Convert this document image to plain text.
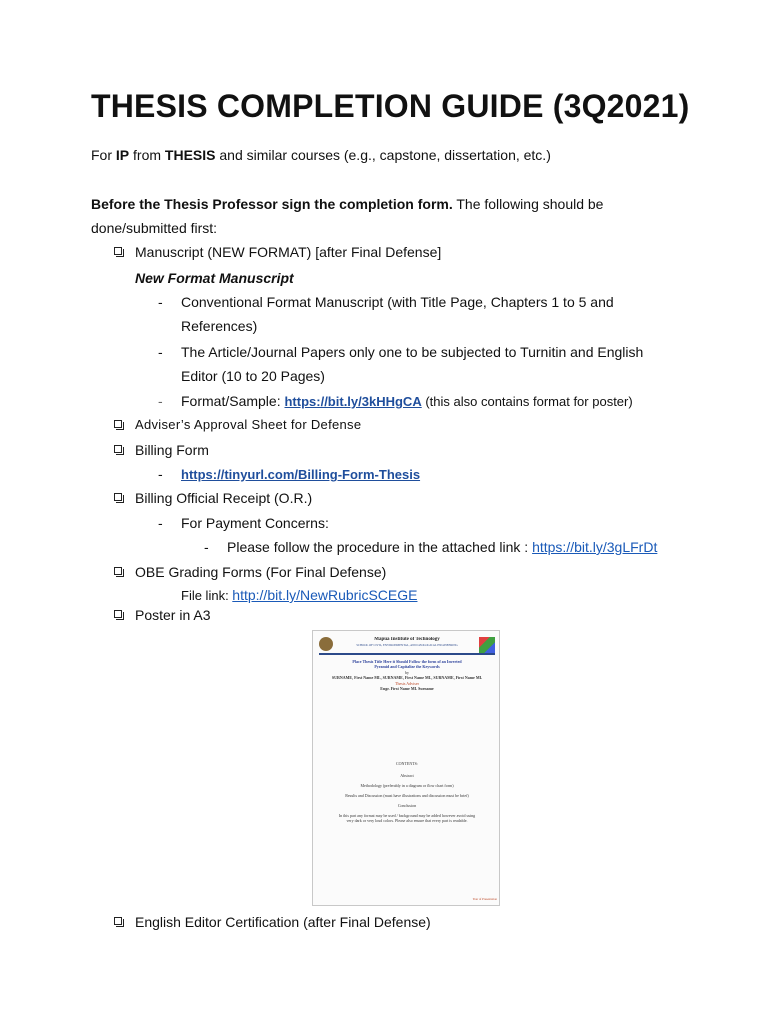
THESIS COMPLETION GUIDE (3Q2021)
For IP from THESIS and similar courses (e.g., capstone, dissertation, etc.)
Before the Thesis Professor sign the completion form. The following should be
done/submitted first:
Manuscript (NEW FORMAT) [after Final Defense]
New Format Manuscript
- Conventional Format Manuscript (with Title Page, Chapters 1 to 5 and
References)
- The Article/Journal Papers only one to be subjected to Turnitin and English
Editor (10 to 20 Pages)
- Format/Sample: https://bit.ly/3kHHgCA (this also contains format for poster)
Adviser’s Approval Sheet for Defense
Billing Form
- https://tinyurl.com/Billing-Form-Thesis
Billing Official Receipt (O.R.)
- For Payment Concerns:
- Please follow the procedure in the attached link : https://bit.ly/3gLFrDt
OBE Grading Forms (For Final Defense)
File link: http://bit.ly/NewRubricSCEGE
Poster in A3
Mapúa Institute of Technology
SCHOOL OF CIVIL, ENVIRONMENTAL, AND GEOLOGICAL ENGINEERING
Place Thesis Title Here it Should Follow the form of an Inverted
Pyramid and Capitalize the Keywords
by
SURNAME, First Name MI., SURNAME, First Name MI., SURNAME, First Name MI.
Thesis Adviser
Engr. First Name MI. Surname
CONTENTS:
Abstract
Methodology (preferably in a diagram or flow chart form)
Results and Discussion (must have illustrations and discussion must be brief)
Conclusion
In this part any format may be used / background may be added however avoid using
very dark or very loud colors. Please also ensure that every part is readable.
Year of Presentation
English Editor Certification (after Final Defense)
